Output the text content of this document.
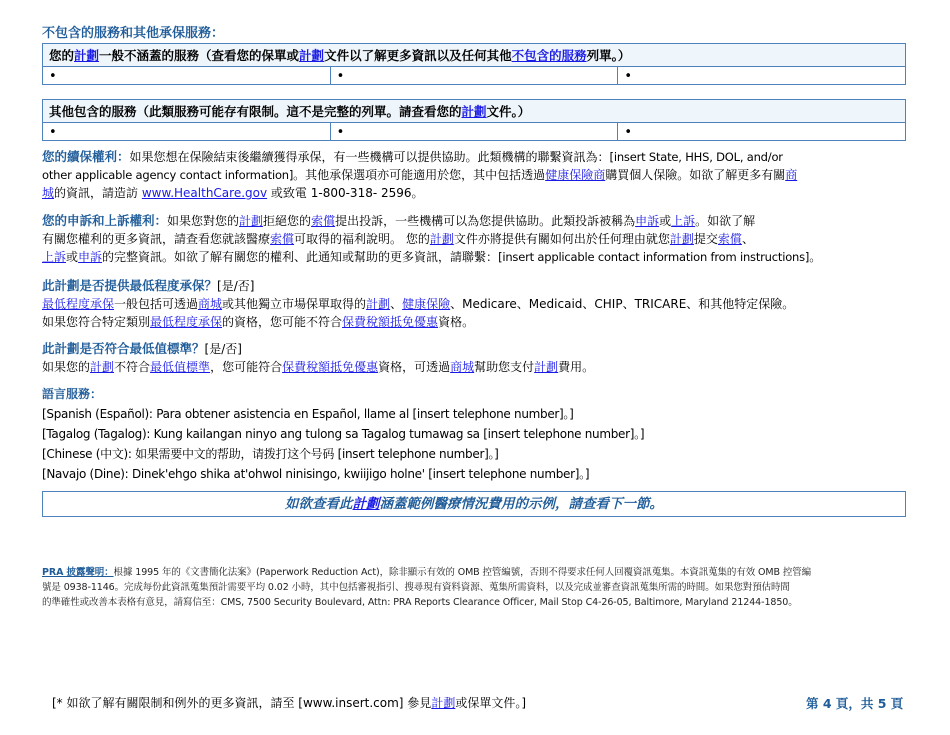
不包含的服務和其他承保服務：
您的計劃一般不涵蓋的服務（查看您的保單或計劃文件以了解更多資訊以及任何其他不包含的服務列單。）
•	•	•
其他包含的服務（此類服務可能存有限制。這不是完整的列單。請查看您的計劃文件。）
•	•	•
您的續保權利：如果您想在保險結束後繼續獲得承保，有一些機構可以提供協助。此類機構的聯繫資訊為：[insert State, HHS, DOL, and/or
other applicable agency contact information]。其他承保選項亦可能適用於您，其中包括透過健康保險商購買個人保險。如欲了解更多有關商
城的資訊，請造訪 www.HealthCare.gov 或致電 1-800-318- 2596。
您的申訴和上訴權利：如果您對您的計劃拒絕您的索償提出投訴，一些機構可以為您提供協助。此類投訴被稱為申訴或上訴。如欲了解
有關您權利的更多資訊，請查看您就該醫療索償可取得的福利說明。 您的計劃文件亦將提供有關如何出於任何理由就您計劃提交索償、
上訴或申訴的完整資訊。如欲了解有關您的權利、此通知或幫助的更多資訊，請聯繫：[insert applicable contact information from instructions]。
此計劃是否提供最低程度承保？[是/否]
最低程度承保一般包括可透過商城或其他獨立市場保單取得的計劃、健康保險、Medicare、Medicaid、CHIP、TRICARE、和其他特定保險。
如果您符合特定類別最低程度承保的資格，您可能不符合保費稅額抵免優惠資格。
此計劃是否符合最低值標準？[是/否]
如果您的計劃不符合最低值標準，您可能符合保費稅額抵免優惠資格，可透過商城幫助您支付計劃費用。
語言服務：
[Spanish (Español): Para obtener asistencia en Español, llame al [insert telephone number]。]
[Tagalog (Tagalog): Kung kailangan ninyo ang tulong sa Tagalog tumawag sa [insert telephone number]。]
[Chinese (中文): 如果需要中文的帮助，请拨打这个号码 [insert telephone number]。]
[Navajo (Dine): Dinek'ehgo shika at'ohwol ninisingo, kwiijigo holne' [insert telephone number]。]
如欲查看此計劃涵蓋範例醫療情況費用的示例，請查看下一節。
PRA 披露聲明：根據 1995 年的《文書簡化法案》(Paperwork Reduction Act)，除非顯示有效的 OMB 控管編號，否則不得要求任何人回覆資訊蒐集。本資訊蒐集的有效 OMB 控管編
號是 0938-1146。完成每份此資訊蒐集預計需要平均 0.02 小時，其中包括審視指引、搜尋現有資料資源、蒐集所需資料，以及完成並審查資訊蒐集所需的時間。如果您對預估時間
的準確性或改善本表格有意見，請寫信至：CMS, 7500 Security Boulevard, Attn: PRA Reports Clearance Officer, Mail Stop C4-26-05, Baltimore, Maryland 21244-1850。
[* 如欲了解有關限制和例外的更多資訊，請至 [www.insert.com] 參見計劃或保單文件。]	第 4 頁，共 5 頁
